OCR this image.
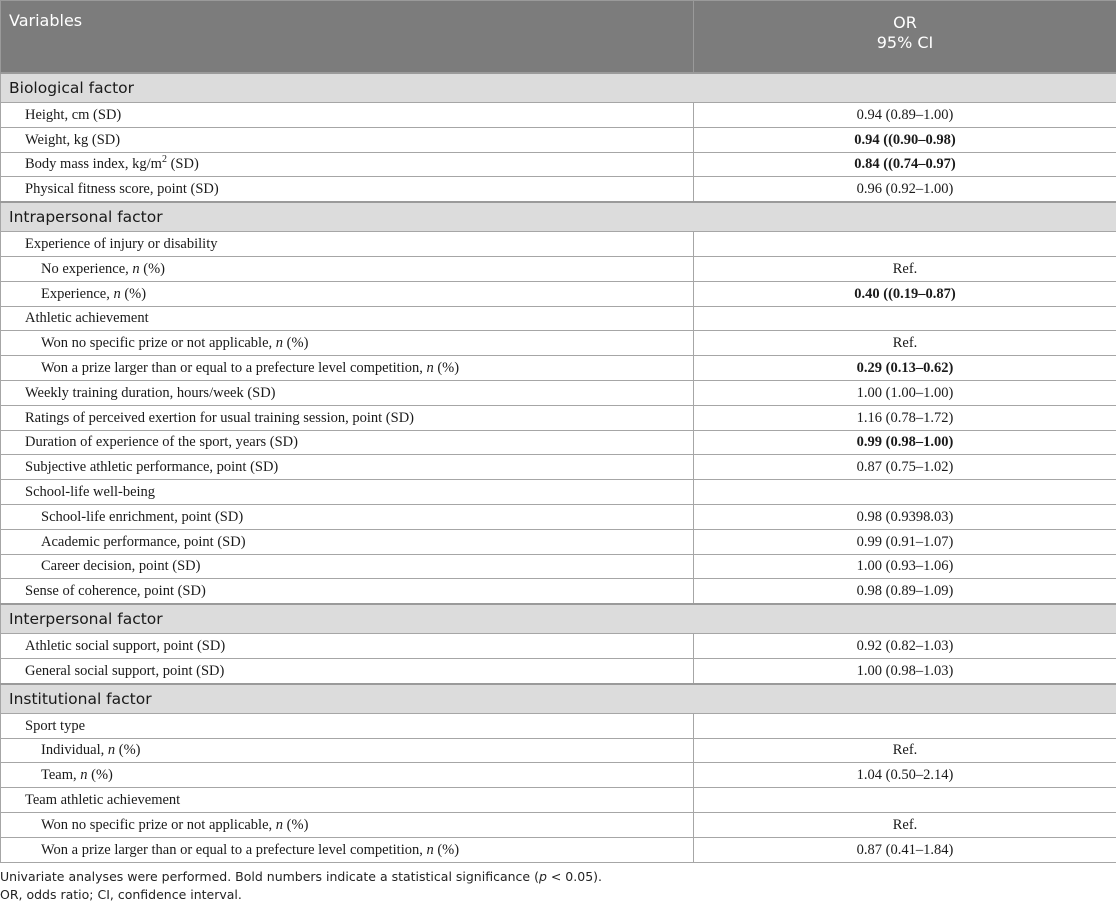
Variables	OR
95% CI

Biological factor	
Height, cm (SD)	0.94 (0.89–1.00)
Weight, kg (SD)	0.94 ((0.90–0.98)
Body mass index, $kg/m^2$ (SD)	0.84 ((0.74–0.97)
Physical fitness score, point (SD)	0.96 (0.92–1.00)
Intrapersonal factor	
Experience of injury or disability	
No experience, n (%)	Ref.
Experience, n (%)	0.40 ((0.19–0.87)
Athletic achievement	
Won no specific prize or not applicable, n (%)	Ref.
Won a prize larger than or equal to a prefecture level competition, n (%)	0.29 (0.13–0.62)
Weekly training duration, hours/week (SD)	1.00 (1.00–1.00)
Ratings of perceived exertion for usual training session, point (SD)	1.16 (0.78–1.72)
Duration of experience of the sport, years (SD)	0.99 (0.98–1.00)
Subjective athletic performance, point (SD)	0.87 (0.75–1.02)
School-life well-being	
School-life enrichment, point (SD)	0.98 (0.9398.03)
Academic performance, point (SD)	0.99 (0.91–1.07)
Career decision, point (SD)	1.00 (0.93–1.06)
Sense of coherence, point (SD)	0.98 (0.89–1.09)
Interpersonal factor	
Athletic social support, point (SD)	0.92 (0.82–1.03)
General social support, point (SD)	1.00 (0.98–1.03)
Institutional factor	
Sport type	
Individual, n (%)	Ref.
Team, n (%)	1.04 (0.50–2.14)
Team athletic achievement	
Won no specific prize or not applicable, n (%)	Ref.
Won a prize larger than or equal to a prefecture level competition, n (%)	0.87 (0.41–1.84)
Univariate analyses were performed. Bold numbers indicate a statistical significance (p < 0.05).
OR, odds ratio; CI, confidence interval.
